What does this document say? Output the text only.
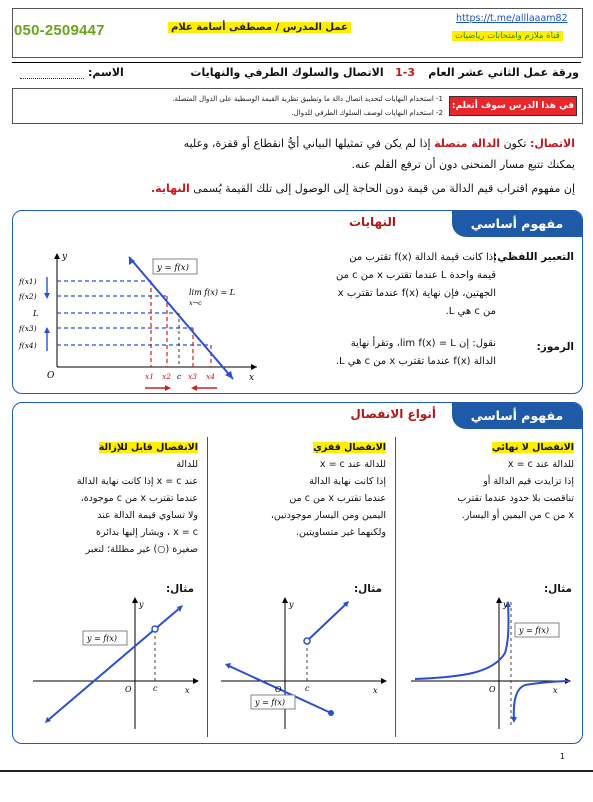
050-2509447	عمل المدرس / مصطفى أسامة علام
https://t.me/alllaaam82
قناة ملازم وامتحانات رياضيات
ورقة عمل الثاني عشر العام
1-3   الاتصال والسلوك الطرفي والنهايات
الاسم:
في هذا الدرس سوف أتعلم:
1- استخدام النهايات لتحديد اتصال دالة ما وتطبيق نظرية القيمة الوسطية على الدوال المتصلة.
2- استخدام النهايات لوصف السلوك الطرفي للدوال.
الاتصال: تكون الدالة متصلة إذا لم يكن في تمثيلها البياني أيُّ انقطاع أو قفزة، وعليه
يمكنك تتبع مسار المنحنى دون أن ترفع القلم عنه.
إن مفهوم اقتراب قيم الدالة من قيمة دون الحاجة إلى الوصول إلى تلك القيمة يُسمى النهاية.
مفهوم أساسي
النهايات
التعبير اللفظي:
إذا كانت قيمة الدالة f(x) تقترب من
قيمة واحدة L عندما تقترب x من c من
الجهتين، فإن نهاية f(x) عندما تقترب x
من c هي L.
الرموز:
نقول: إن lim f(x) = L، وتقرأ نهاية
الدالة f(x) عندما تقترب x من c هي L.
x
y
O
y = f(x)
lim f(x) = L
x→c
f(x1)
f(x2)
L
f(x3)
f(x4)
x1 x2 c x3 x4
مفهوم أساسي
أنواع الانفصال
الانفصال لا نهائي
للدالة عند x = c
إذا تزايدت قيم الدالة أو
تناقصت بلا حدود عندما تقترب
x من c من اليمين أو اليسار.
الانفصال قفزي
للدالة عند x = c
إذا كانت نهاية الدالة
عندما تقترب x من c من
اليمين ومن اليسار موجودتين،
ولكنهما غير متساويتين.
الانفصال قابل للإزالة
للدالة
عند x = c إذا كانت نهاية الدالة
عندما تقترب x من c موجودة،
ولا تساوي قيمة الدالة عند
x = c ، ويشار إليها بدائرة
صغيرة (○) غير مظللة؛ لتعبر
مثال:
مثال:
مثال:
y = f(x)
O	x
y
y = f(x)
O	c	x
y
y = f(x)
O	c	x
y
1
